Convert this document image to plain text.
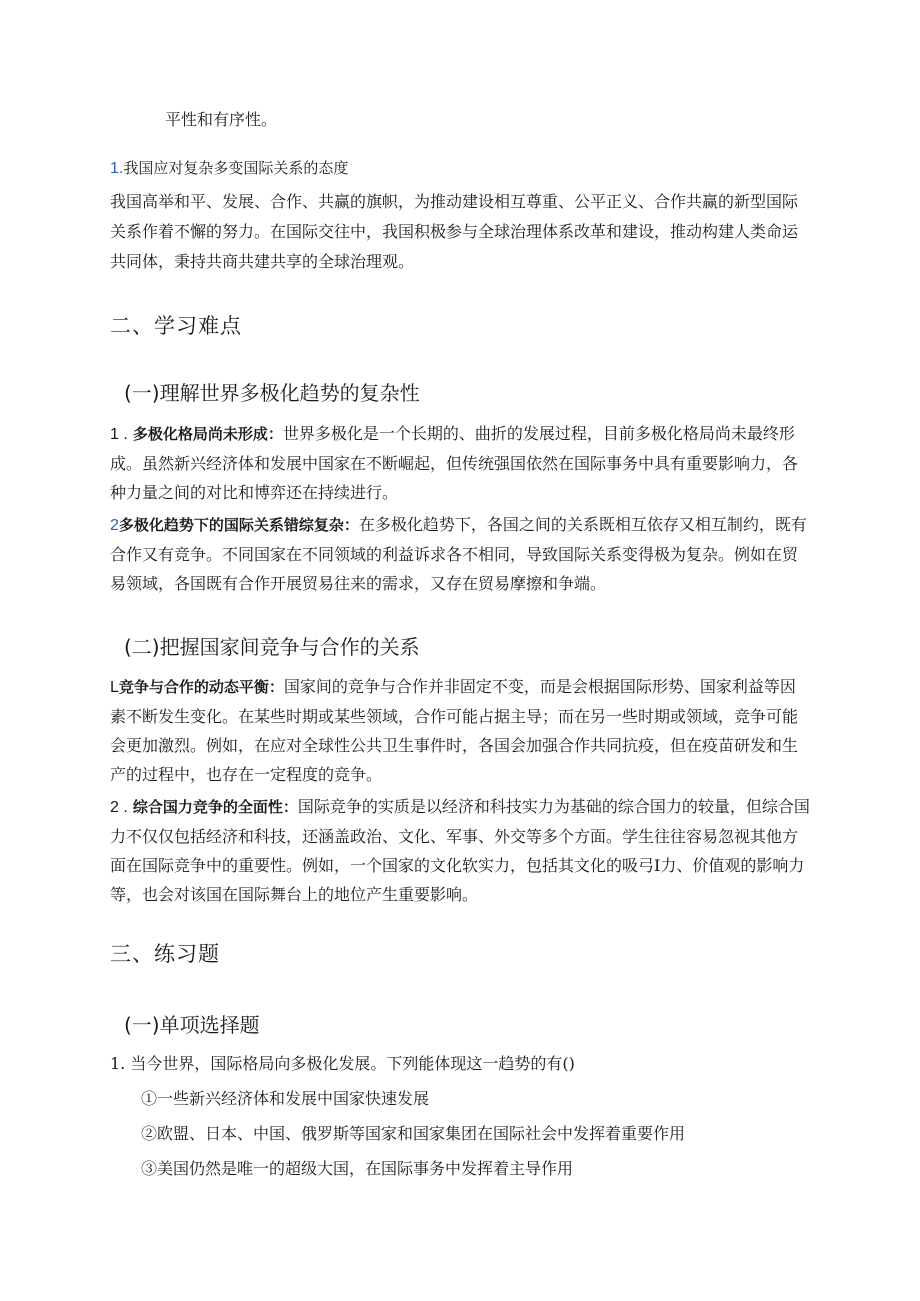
平性和有序性。

1.我国应对复杂多变国际关系的态度

我国高举和平、发展、合作、共赢的旗帜，为推动建设相互尊重、公平正义、合作共赢的新型国际关系作着不懈的努力。在国际交往中，我国积极参与全球治理体系改革和建设，推动构建人类命运共同体，秉持共商共建共享的全球治理观。

二、学习难点
(一)理解世界多极化趋势的复杂性
1 . 多极化格局尚未形成：世界多极化是一个长期的、曲折的发展过程，目前多极化格局尚未最终形成。虽然新兴经济体和发展中国家在不断崛起，但传统强国依然在国际事务中具有重要影响力，各种力量之间的对比和博弈还在持续进行。
2多极化趋势下的国际关系错综复杂：在多极化趋势下，各国之间的关系既相互依存又相互制约，既有合作又有竞争。不同国家在不同领域的利益诉求各不相同，导致国际关系变得极为复杂。例如在贸易领域，各国既有合作开展贸易往来的需求，又存在贸易摩擦和争端。
(二)把握国家间竞争与合作的关系
L竞争与合作的动态平衡：国家间的竞争与合作并非固定不变，而是会根据国际形势、国家利益等因素不断发生变化。在某些时期或某些领域，合作可能占据主导；而在另一些时期或领域，竞争可能会更加激烈。例如，在应对全球性公共卫生事件时，各国会加强合作共同抗疫，但在疫苗研发和生产的过程中，也存在一定程度的竞争。
2 . 综合国力竞争的全面性：国际竞争的实质是以经济和科技实力为基础的综合国力的较量，但综合国力不仅仅包括经济和科技，还涵盖政治、文化、军事、外交等多个方面。学生往往容易忽视其他方面在国际竞争中的重要性。例如，一个国家的文化软实力，包括其文化的吸弓I力、价值观的影响力等，也会对该国在国际舞台上的地位产生重要影响。
三、练习题
(一)单项选择题

1. 当今世界，国际格局向多极化发展。下列能体现这一趋势的有()

①一些新兴经济体和发展中国家快速发展

②欧盟、日本、中国、俄罗斯等国家和国家集团在国际社会中发挥着重要作用

③美国仍然是唯一的超级大国，在国际事务中发挥着主导作用
